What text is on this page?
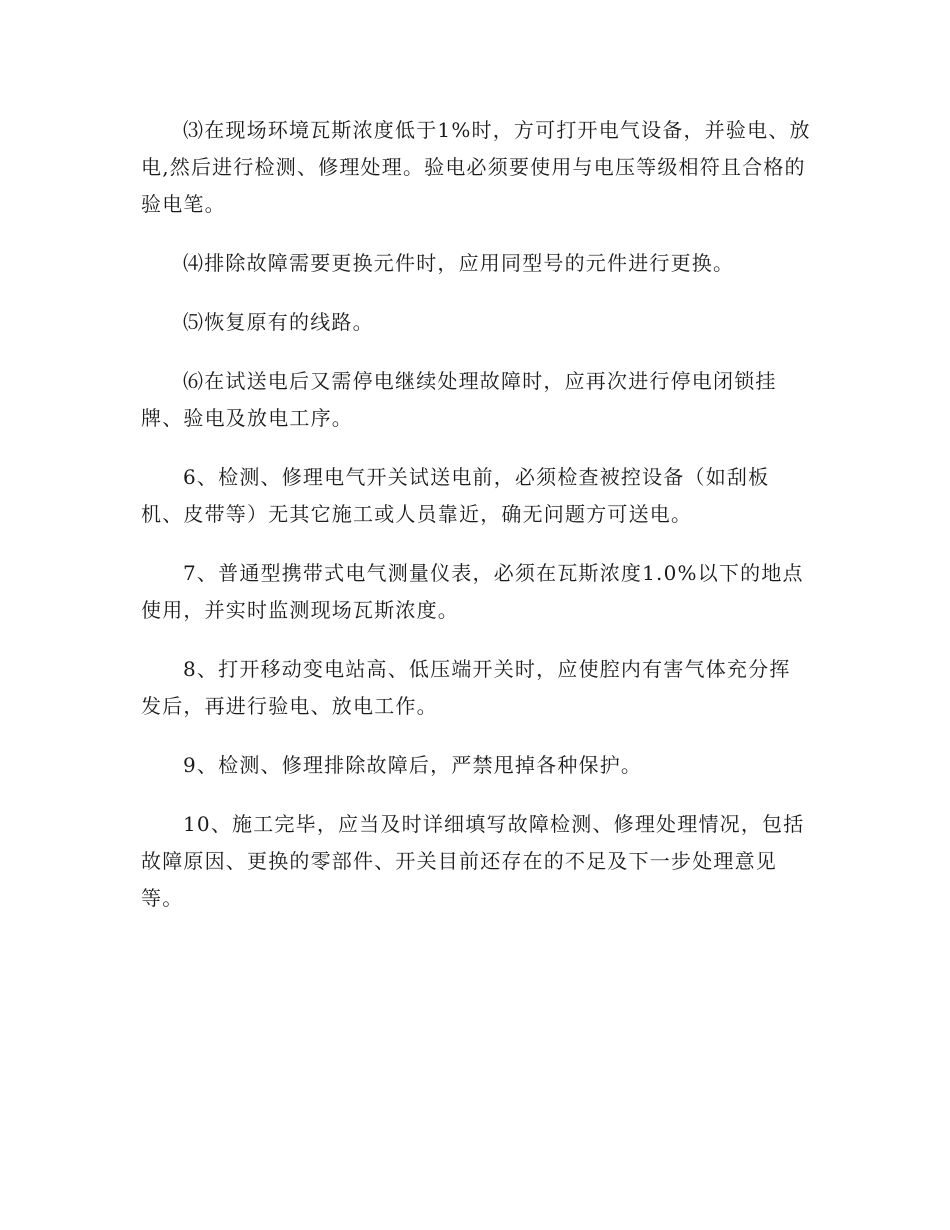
⑶在现场环境瓦斯浓度低于1%时，方可打开电气设备，并验电、放电,然后进行检测、修理处理。验电必须要使用与电压等级相符且合格的验电笔。

⑷排除故障需要更换元件时，应用同型号的元件进行更换。

⑸恢复原有的线路。

⑹在试送电后又需停电继续处理故障时，应再次进行停电闭锁挂牌、验电及放电工序。

6、检测、修理电气开关试送电前，必须检查被控设备（如刮板机、皮带等）无其它施工或人员靠近，确无问题方可送电。

7、普通型携带式电气测量仪表，必须在瓦斯浓度1.0%以下的地点使用，并实时监测现场瓦斯浓度。

8、打开移动变电站高、低压端开关时，应使腔内有害气体充分挥发后，再进行验电、放电工作。

9、检测、修理排除故障后，严禁甩掉各种保护。

10、施工完毕，应当及时详细填写故障检测、修理处理情况，包括故障原因、更换的零部件、开关目前还存在的不足及下一步处理意见等。
